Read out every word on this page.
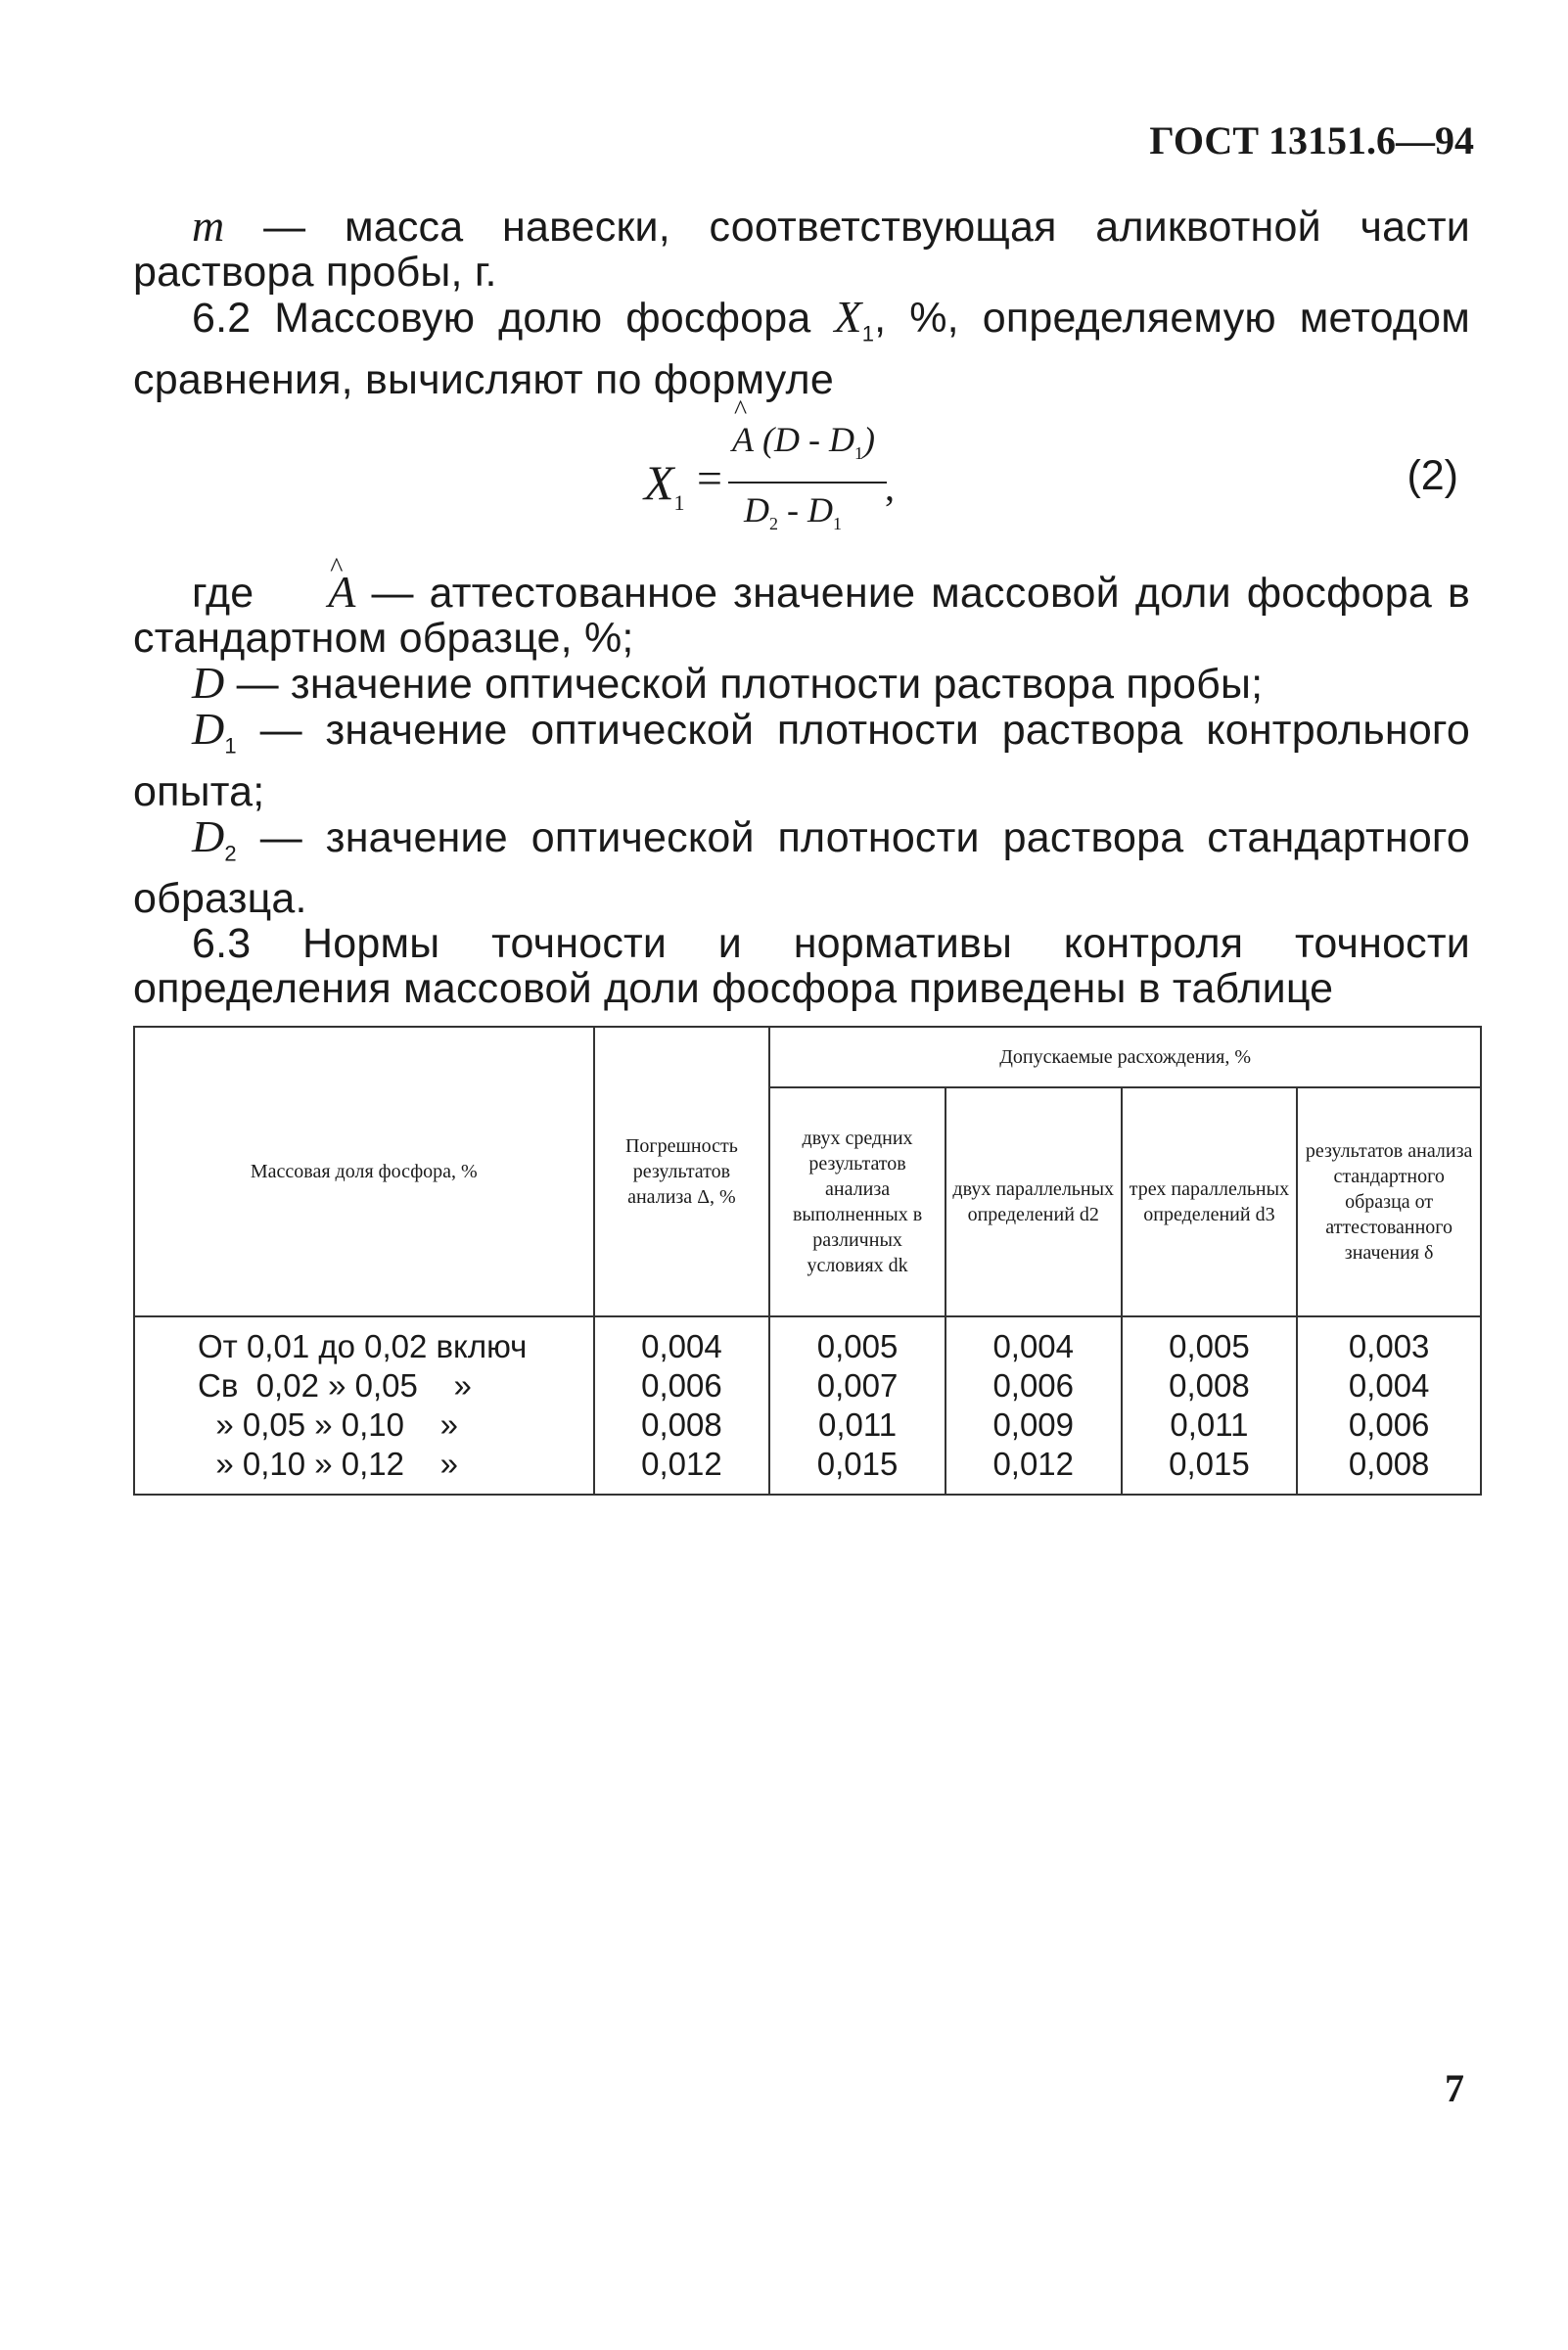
ГОСТ 13151.6—94

m — масса навески, соответствующая аликвотной части раствора пробы, г.

6.2 Массовую долю фосфора $X_1$, %, определяемую методом сравнения, вычисляют по формуле

$X_1$ =
^ A $(D - D_1)$
$D_2 - D_1$
,	(2)

где ^ A — аттестованное значение массовой доли фосфора в стандартном образце, %;

D — значение оптической плотности раствора пробы;

$D_1$ — значение оптической плотности раствора контрольного опыта;

$D_2$ — значение оптической плотности раствора стандартного образца.

6.3 Нормы точности и нормативы контроля точности определения массовой доли фосфора приведены в таблице

Массовая доля фосфора, %	Погрешность результатов анализа Δ, %	Допускаемые расхождения, %			
		двух средних результатов анализа выполненных в различных условиях dk	двух параллельных определений d2	трех параллельных определений d3	результатов анализа стандартного образца от аттестованного значения δ
От 0,01 до 0,02 включ	0,004	0,005	0,004	0,005	0,003
Св  0,02 » 0,05    »	0,006	0,007	0,006	0,008	0,004
» 0,05 » 0,10    »	0,008	0,011	0,009	0,011	0,006
» 0,10 » 0,12    »	0,012	0,015	0,012	0,015	0,008
7
